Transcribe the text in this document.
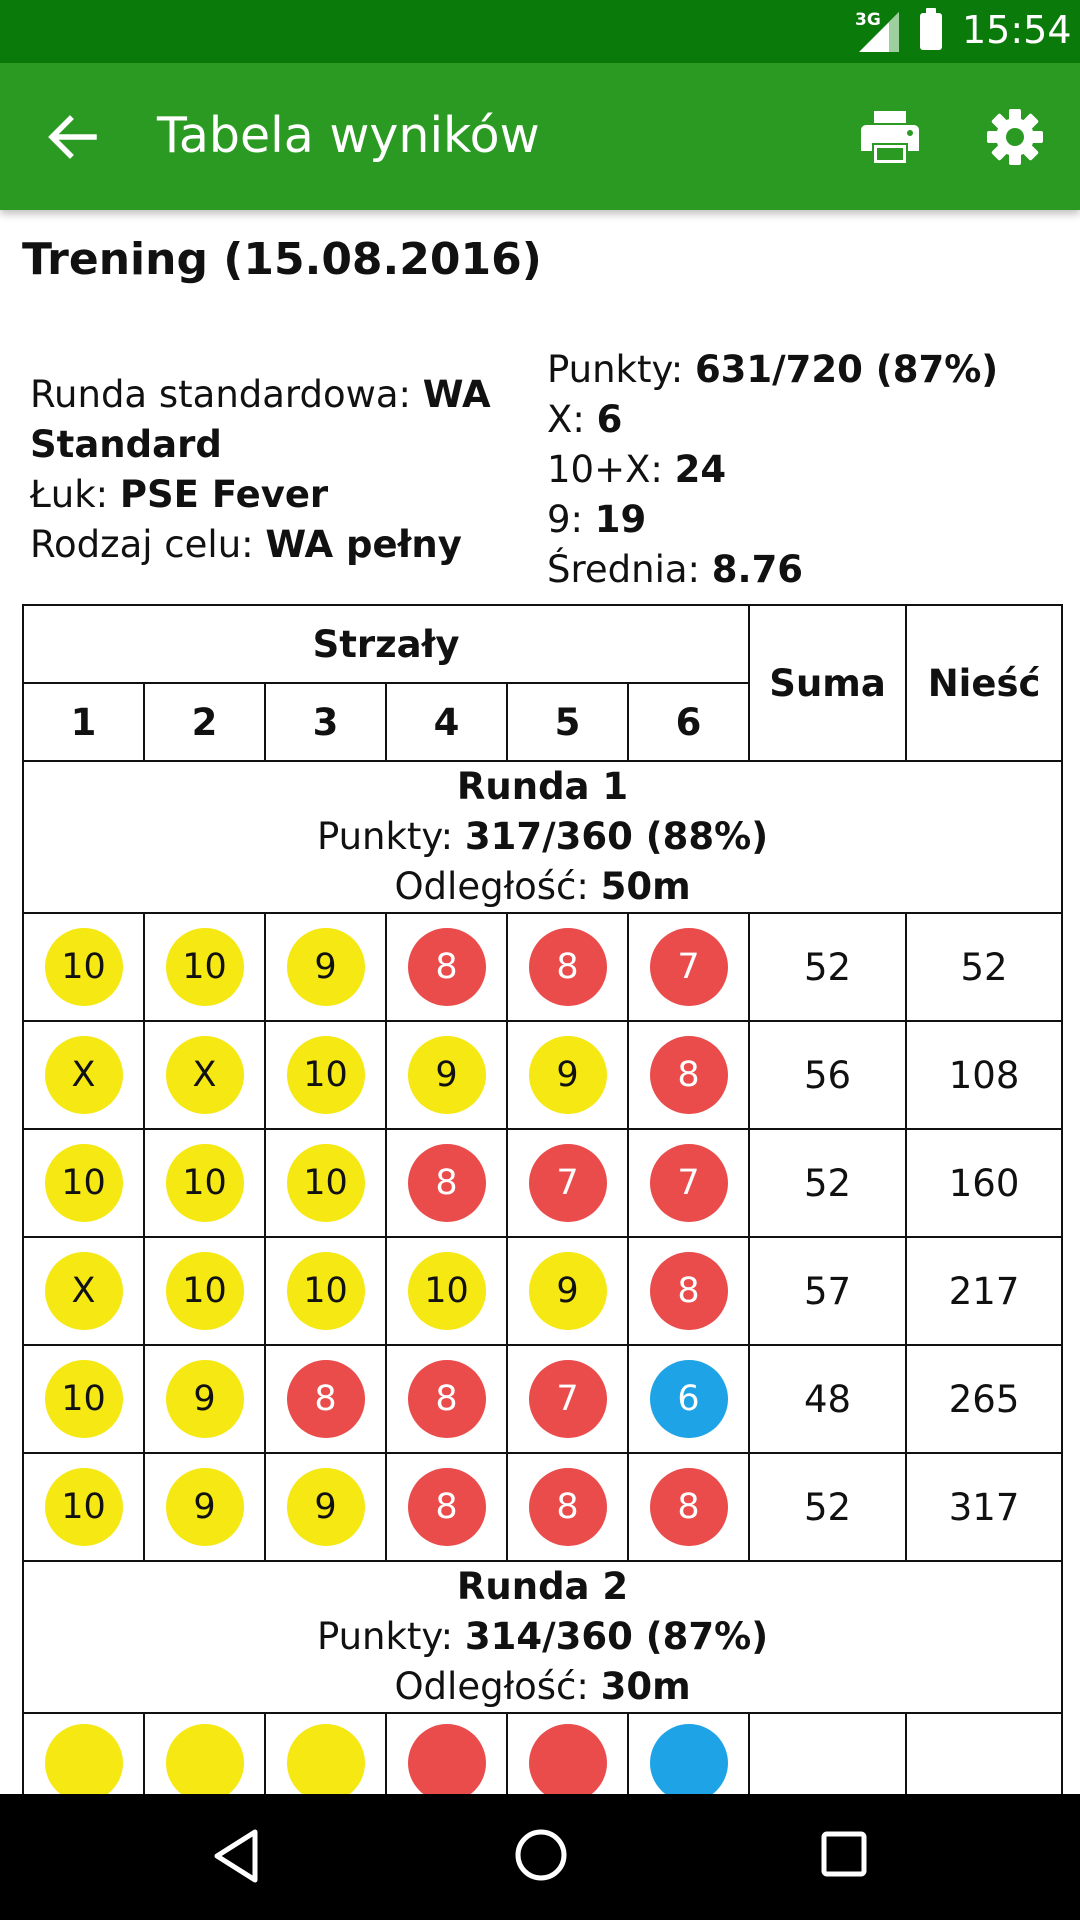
3G 15:54
Tabela wyników
Trening (15.08.2016)
Runda standardowa: WA Standard
Łuk: PSE Fever
Rodzaj celu: WA pełny
Punkty: 631/720 (87%)
X: 6
10+X: 24
9: 19
Średnia: 8.76
Strzały						Suma	Nieść
1	2	3	4	5	6		

Runda 1
Punkty: 317/360 (88%)
Odległość: 50m							

10	10	9	8	8	7	52	52
X	X	10	9	9	8	56	108
10	10	10	8	7	7	52	160
X	10	10	10	9	8	57	217
10	9	8	8	7	6	48	265
10	9	9	8	8	8	52	317

Runda 2
Punkty: 314/360 (87%)
Odległość: 30m							
